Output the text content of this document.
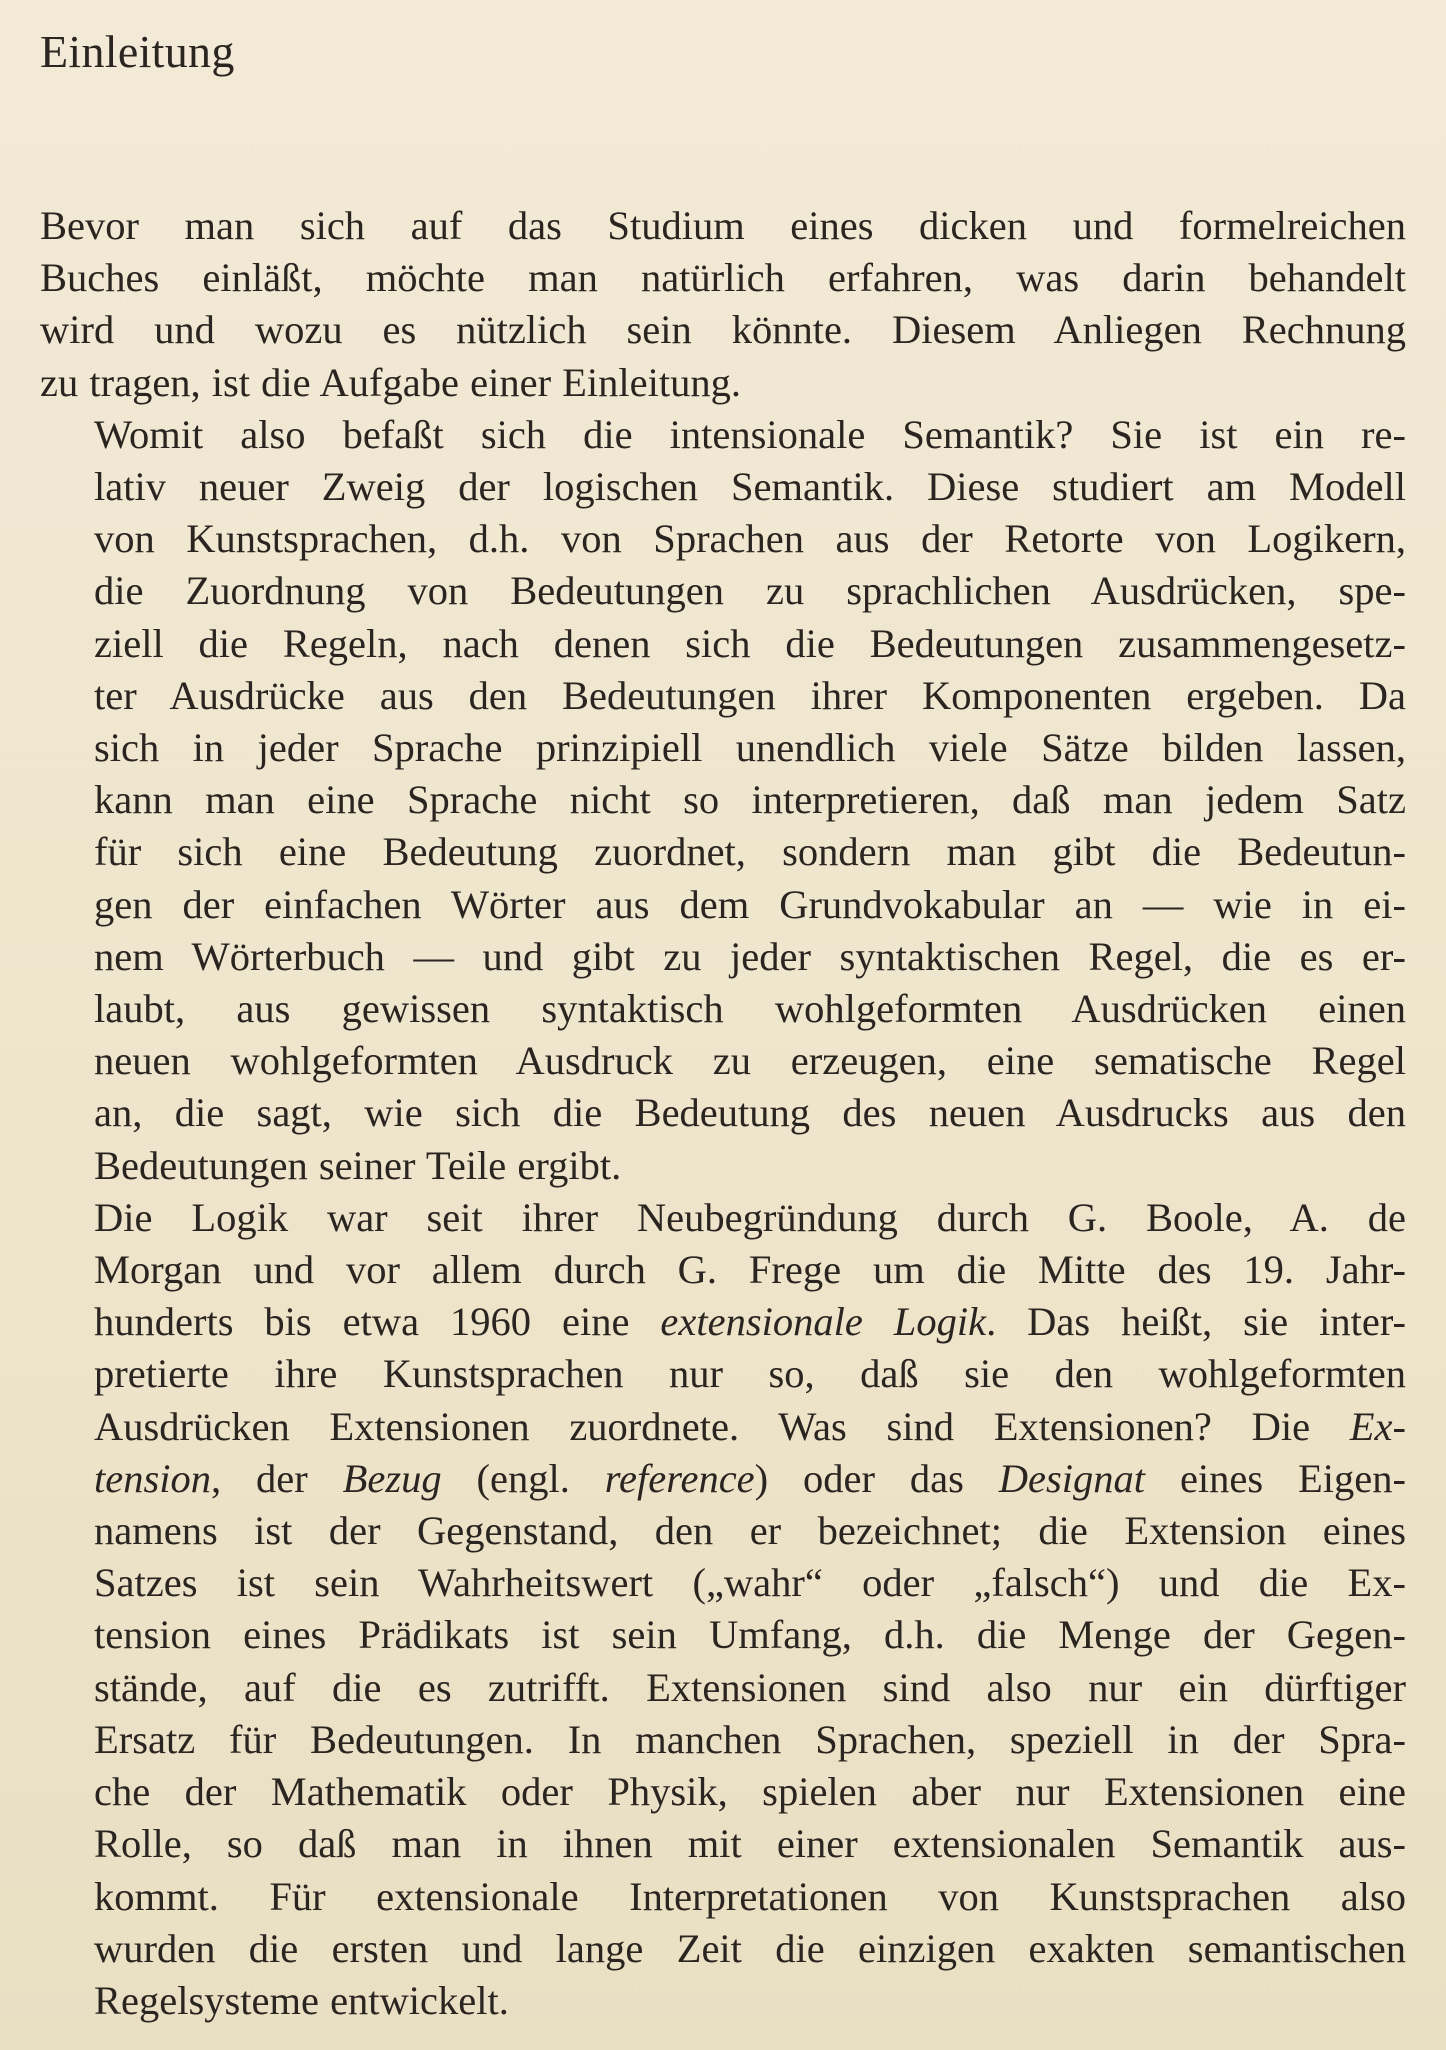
Einleitung
Bevor man sich auf das Studium eines dicken und formelreichen
Buches einläßt, möchte man natürlich erfahren, was darin behandelt
wird und wozu es nützlich sein könnte. Diesem Anliegen Rechnung
zu tragen, ist die Aufgabe einer Einleitung.
Womit also befaßt sich die intensionale Semantik? Sie ist ein re-
lativ neuer Zweig der logischen Semantik. Diese studiert am Modell
von Kunstsprachen, d.h. von Sprachen aus der Retorte von Logikern,
die Zuordnung von Bedeutungen zu sprachlichen Ausdrücken, spe-
ziell die Regeln, nach denen sich die Bedeutungen zusammengesetz-
ter Ausdrücke aus den Bedeutungen ihrer Komponenten ergeben. Da
sich in jeder Sprache prinzipiell unendlich viele Sätze bilden lassen,
kann man eine Sprache nicht so interpretieren, daß man jedem Satz
für sich eine Bedeutung zuordnet, sondern man gibt die Bedeutun-
gen der einfachen Wörter aus dem Grundvokabular an — wie in ei-
nem Wörterbuch — und gibt zu jeder syntaktischen Regel, die es er-
laubt, aus gewissen syntaktisch wohlgeformten Ausdrücken einen
neuen wohlgeformten Ausdruck zu erzeugen, eine sematische Regel
an, die sagt, wie sich die Bedeutung des neuen Ausdrucks aus den
Bedeutungen seiner Teile ergibt.
Die Logik war seit ihrer Neubegründung durch G. Boole, A. de
Morgan und vor allem durch G. Frege um die Mitte des 19. Jahr-
hunderts bis etwa 1960 eine extensionale Logik. Das heißt, sie inter-
pretierte ihre Kunstsprachen nur so, daß sie den wohlgeformten
Ausdrücken Extensionen zuordnete. Was sind Extensionen? Die Ex-
tension, der Bezug (engl. reference) oder das Designat eines Eigen-
namens ist der Gegenstand, den er bezeichnet; die Extension eines
Satzes ist sein Wahrheitswert („wahr“ oder „falsch“) und die Ex-
tension eines Prädikats ist sein Umfang, d.h. die Menge der Gegen-
stände, auf die es zutrifft. Extensionen sind also nur ein dürftiger
Ersatz für Bedeutungen. In manchen Sprachen, speziell in der Spra-
che der Mathematik oder Physik, spielen aber nur Extensionen eine
Rolle, so daß man in ihnen mit einer extensionalen Semantik aus-
kommt. Für extensionale Interpretationen von Kunstsprachen also
wurden die ersten und lange Zeit die einzigen exakten semantischen
Regelsysteme entwickelt.
